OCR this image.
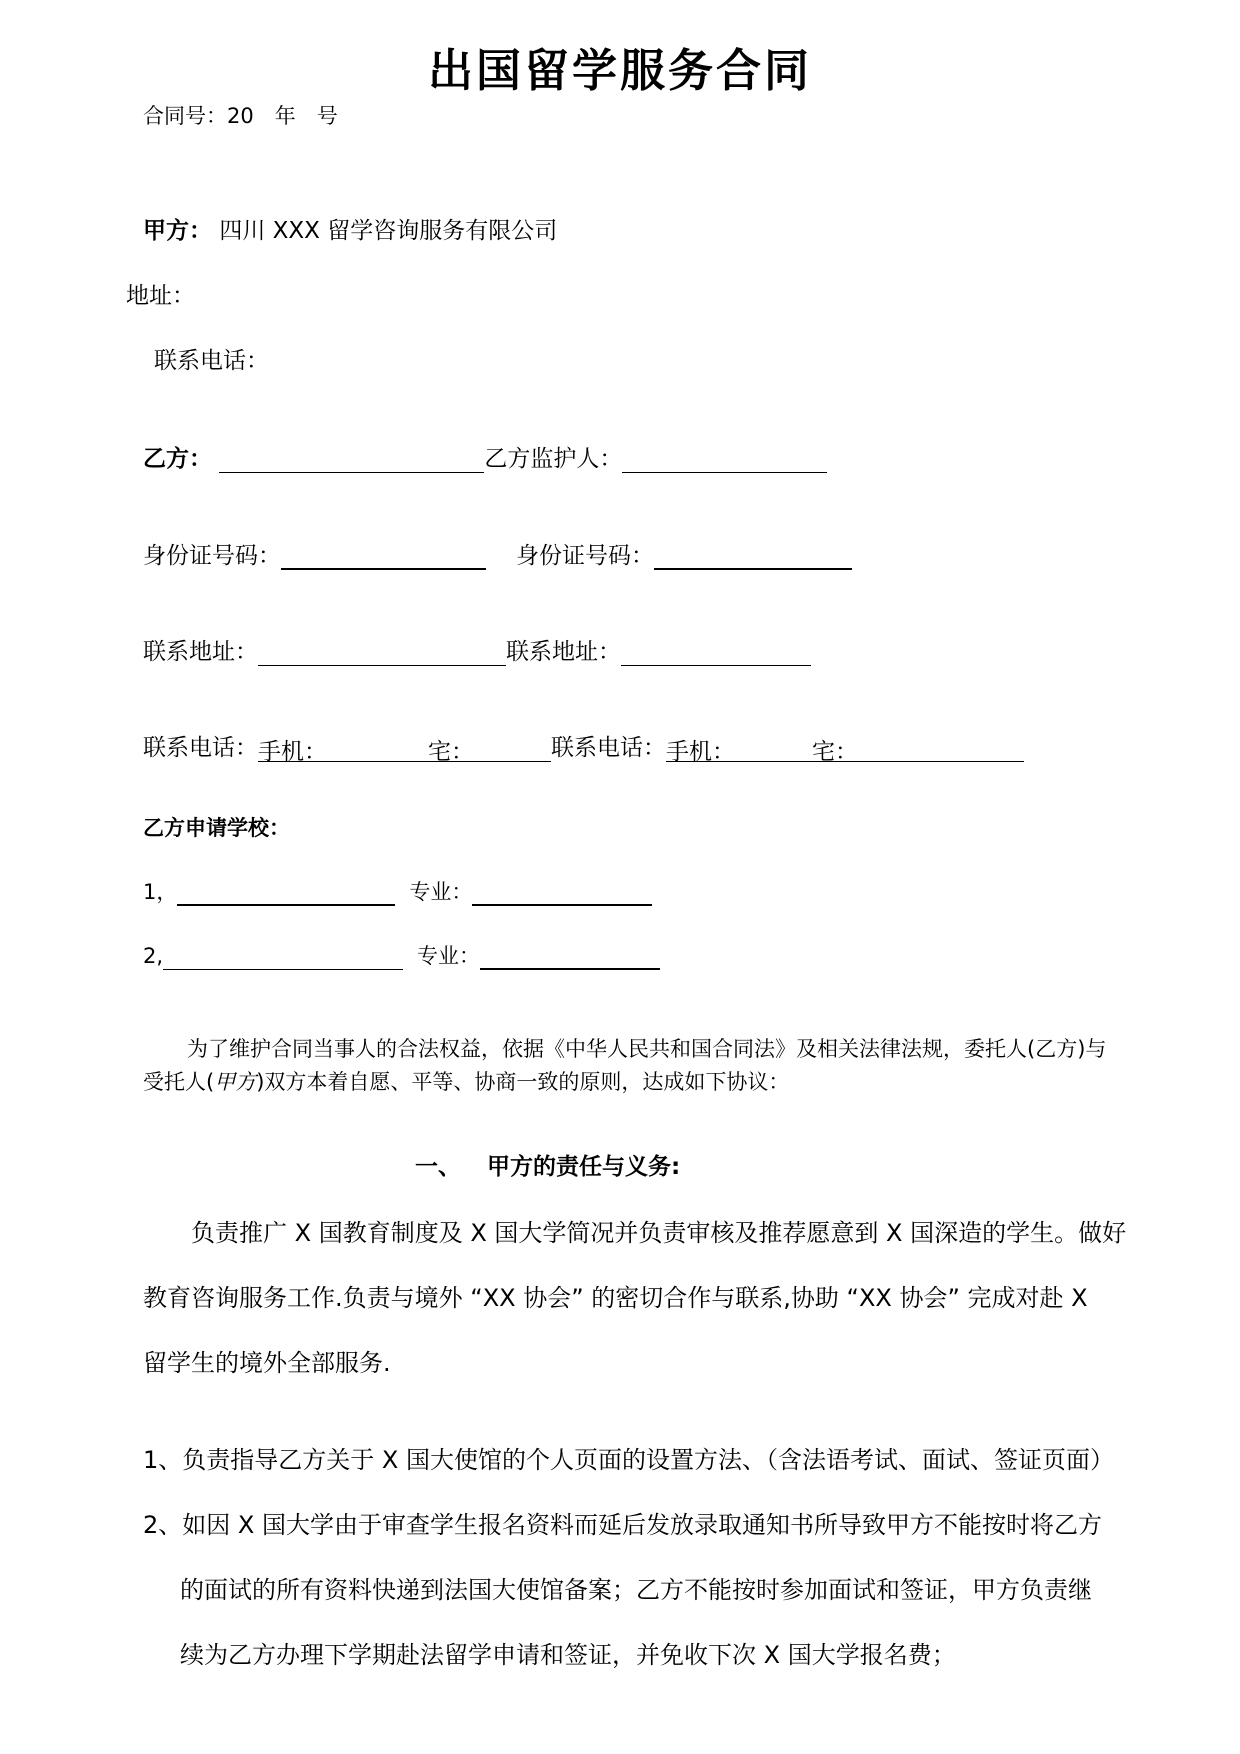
出国留学服务合同
合同号：20　年　号
甲方： 四川 XXX 留学咨询服务有限公司
地址：
联系电话：
乙方：	乙方监护人：
身份证号码：	身份证号码：
联系地址：	联系地址：
联系电话： 手机：	宅：	联系电话： 手机：	宅：
乙方申请学校：
1，	专业：
2,	专业：
为了维护合同当事人的合法权益，依据《中华人民共和国合同法》及相关法律法规，委托人(乙方)与
受托人(甲方)双方本着自愿、平等、协商一致的原则，达成如下协议：
一、 甲方的责任与义务:
负责推广 X 国教育制度及 X 国大学简况并负责审核及推荐愿意到 X 国深造的学生。做好
教育咨询服务工作.负责与境外 “XX 协会” 的密切合作与联系,协助 “XX 协会” 完成对赴 X
留学生的境外全部服务.
1、负责指导乙方关于 X 国大使馆的个人页面的设置方法、（含法语考试、面试、签证页面）
2、如因 X 国大学由于审查学生报名资料而延后发放录取通知书所导致甲方不能按时将乙方
的面试的所有资料快递到法国大使馆备案；乙方不能按时参加面试和签证，甲方负责继
续为乙方办理下学期赴法留学申请和签证，并免收下次 X 国大学报名费；
